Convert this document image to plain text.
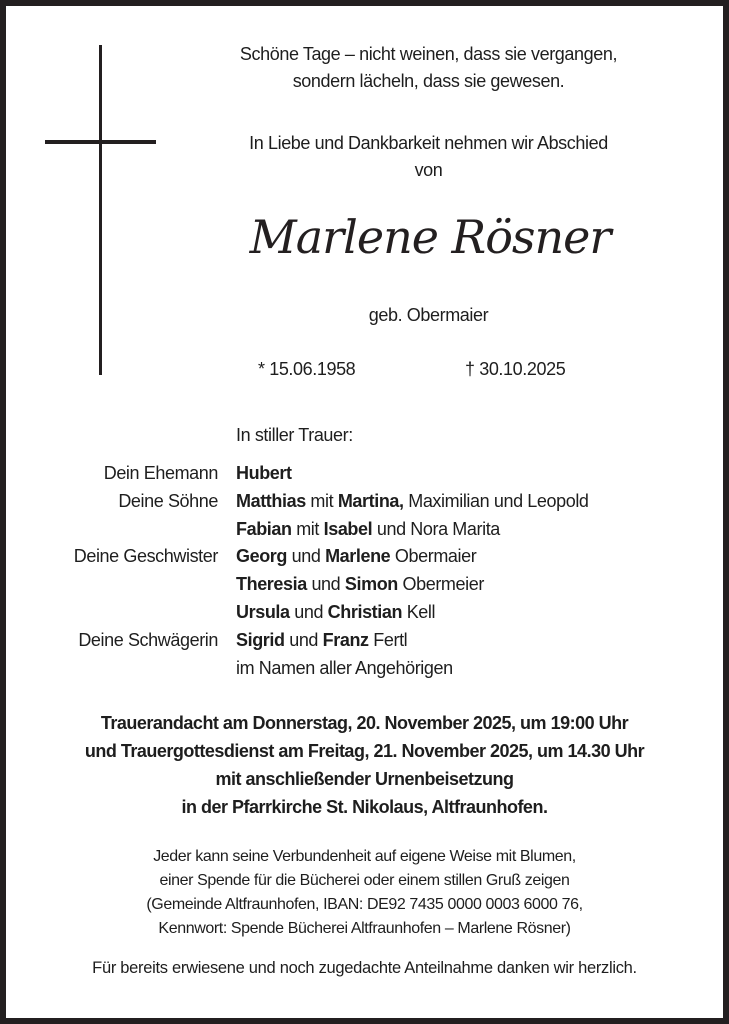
Schöne Tage – nicht weinen, dass sie vergangen,
sondern lächeln, dass sie gewesen.
In Liebe und Dankbarkeit nehmen wir Abschied
von
Marlene Rösner
geb. Obermaier
* 15.06.1958	† 30.10.2025
In stiller Trauer:
Dein Ehemann Hubert
Deine Söhne Matthias mit Martina, Maximilian und Leopold
Fabian mit Isabel und Nora Marita
Deine Geschwister Georg und Marlene Obermaier
Theresia und Simon Obermeier
Ursula und Christian Kell
Deine Schwägerin Sigrid und Franz Fertl
im Namen aller Angehörigen
Trauerandacht am Donnerstag, 20. November 2025, um 19:00 Uhr
und Trauergottesdienst am Freitag, 21. November 2025, um 14.30 Uhr
mit anschließender Urnenbeisetzung
in der Pfarrkirche St. Nikolaus, Altfraunhofen.
Jeder kann seine Verbundenheit auf eigene Weise mit Blumen,
einer Spende für die Bücherei oder einem stillen Gruß zeigen
(Gemeinde Altfraunhofen, IBAN: DE92 7435 0000 0003 6000 76,
Kennwort: Spende Bücherei Altfraunhofen – Marlene Rösner)
Für bereits erwiesene und noch zugedachte Anteilnahme danken wir herzlich.
